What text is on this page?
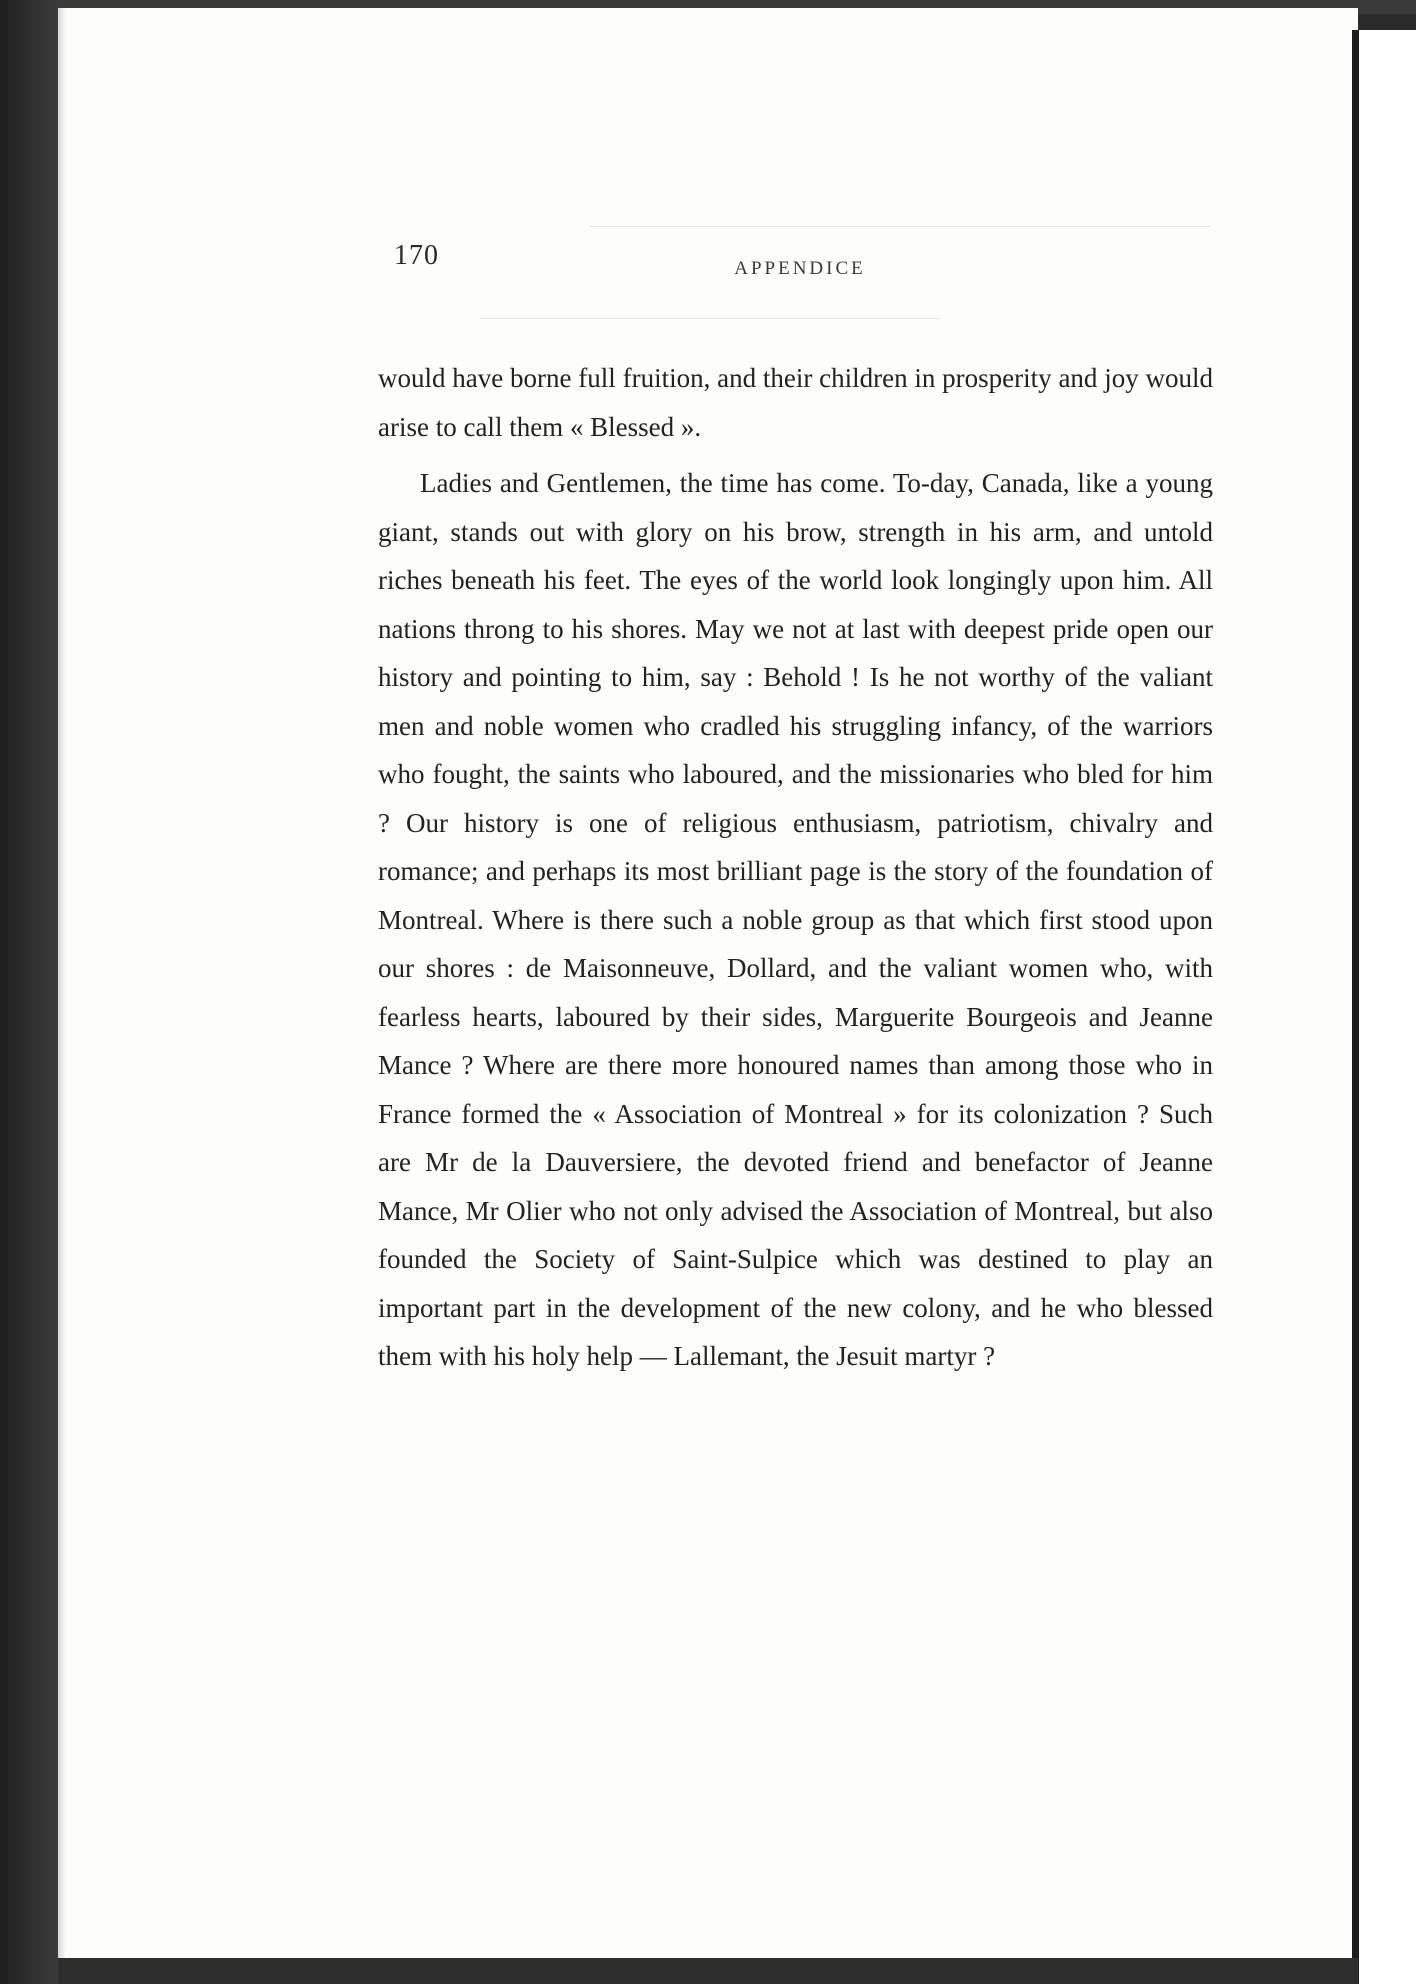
170	APPENDICE

would have borne full fruition, and their children in prosperity and joy would arise to call them « Blessed ».

Ladies and Gentlemen, the time has come. To-day, Canada, like a young giant, stands out with glory on his brow, strength in his arm, and untold riches beneath his feet. The eyes of the world look longingly upon him. All nations throng to his shores. May we not at last with deepest pride open our history and pointing to him, say : Behold ! Is he not worthy of the valiant men and noble women who cradled his struggling infancy, of the warriors who fought, the saints who laboured, and the missionaries who bled for him ? Our history is one of religious enthusiasm, patriotism, chivalry and romance; and perhaps its most brilliant page is the story of the foundation of Montreal. Where is there such a noble group as that which first stood upon our shores : de Maisonneuve, Dollard, and the valiant women who, with fearless hearts, laboured by their sides, Marguerite Bourgeois and Jeanne Mance ? Where are there more honoured names than among those who in France formed the « Association of Montreal » for its colonization ? Such are Mr de la Dauversiere, the devoted friend and benefactor of Jeanne Mance, Mr Olier who not only advised the Association of Montreal, but also founded the Society of Saint-Sulpice which was destined to play an important part in the development of the new colony, and he who blessed them with his holy help — Lallemant, the Jesuit martyr ?
